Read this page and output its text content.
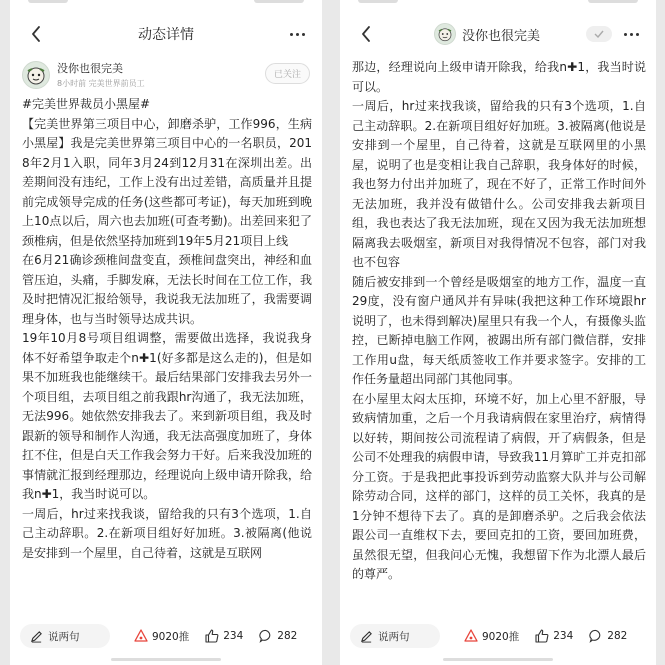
动态详情
没你也很完美
8小时前 完美世界前员工
已关注
#完美世界裁员小黑屋#
【完美世界第三项目中心，卸磨杀驴，工作996，生病小黑屋】我是完美世界第三项目中心的一名职员，2018年2月1入职，同年3月24到12月31在深圳出差。出差期间没有违纪，工作上没有出过差错，高质量并且提前完成领导完成的任务(这些都可考证)，每天加班到晚上10点以后，周六也去加班(可查考勤)。出差回来犯了颈椎病，但是依然坚持加班到19年5月21项目上线
在6月21确诊颈椎间盘变直，颈椎间盘突出，神经和血管压迫，头痛，手脚发麻，无法长时间在工位工作，我及时把情况汇报给领导，我说我无法加班了，我需要调理身体，也与当时领导达成共识。
19年10月8号项目组调整，需要做出选择，我说我身体不好希望争取走个n✚1(好多都是这么走的)，但是如果不加班我也能继续干。最后结果部门安排我去另外一个项目组，去项目组之前我跟hr沟通了，我无法加班，无法996。她依然安排我去了。来到新项目组，我及时跟新的领导和制作人沟通，我无法高强度加班了，身体扛不住，但是白天工作我会努力干好。后来我没加班的事情就汇报到经理那边，经理说向上级申请开除我，给我n✚1，我当时说可以。
一周后，hr过来找我谈，留给我的只有3个选项，1.自己主动辞职。2.在新项目组好好加班。3.被隔离(他说是安排到一个屋里，自己待着，这就是互联网
说两句	9020推	234	282
没你也很完美
那边，经理说向上级申请开除我，给我n✚1，我当时说可以。
一周后，hr过来找我谈，留给我的只有3个选项，1.自己主动辞职。2.在新项目组好好加班。3.被隔离(他说是安排到一个屋里，自己待着，这就是互联网里的小黑屋，说明了也是变相让我自己辞职，我身体好的时候，我也努力付出并加班了，现在不好了，正常工作时间外无法加班，我并没有做错什么。公司安排我去新项目组，我也表达了我无法加班，现在又因为我无法加班想隔离我去吸烟室，新项目对我得情况不包容，部门对我也不包容
随后被安排到一个曾经是吸烟室的地方工作，温度一直29度，没有窗户通风并有异味(我把这种工作环境跟hr说明了，也未得到解决)屋里只有我一个人，有摄像头监控，已断掉电脑工作网，被踢出所有部门微信群，安排工作用u盘，每天纸质签收工作并要求签字。安排的工作任务量超出同部门其他同事。
在小屋里太闷太压抑，环境不好，加上心里不舒服，导致病情加重，之后一个月我请病假在家里治疗，病情得以好转，期间按公司流程请了病假，开了病假条，但是公司不处理我的病假申请，导致我11月算旷工并克扣部分工资。于是我把此事投诉到劳动监察大队并与公司解除劳动合同，这样的部门，这样的员工关怀，我真的是1分钟不想待下去了。真的是卸磨杀驴。之后我会依法跟公司一直维权下去，要回克扣的工资，要回加班费，虽然很无望，但我问心无愧，我想留下作为北漂人最后的尊严。
说两句	9020推	234	282
